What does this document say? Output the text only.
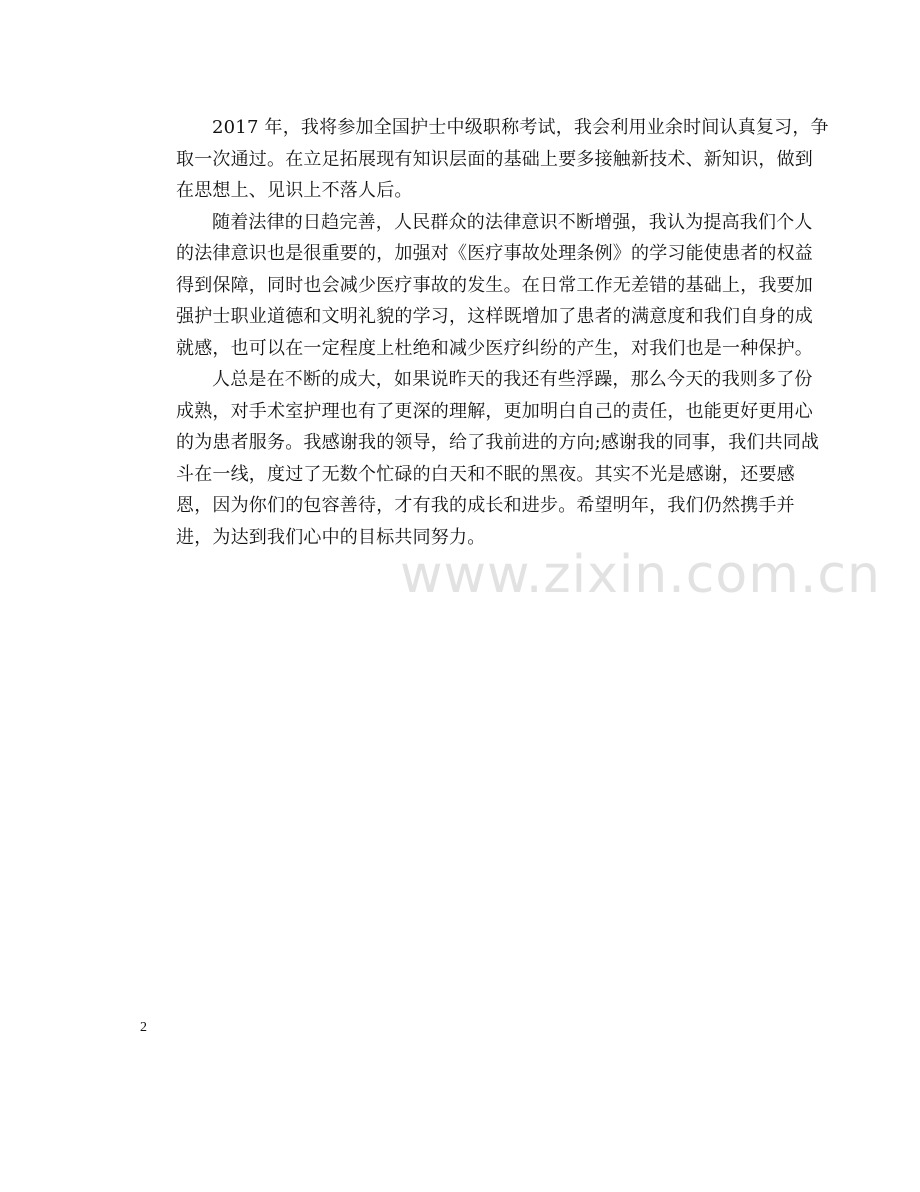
2017 年，我将参加全国护士中级职称考试，我会利用业余时间认真复习，争
取一次通过。在立足拓展现有知识层面的基础上要多接触新技术、新知识，做到
在思想上、见识上不落人后。

随着法律的日趋完善，人民群众的法律意识不断增强，我认为提高我们个人
的法律意识也是很重要的，加强对《医疗事故处理条例》的学习能使患者的权益
得到保障，同时也会减少医疗事故的发生。在日常工作无差错的基础上，我要加
强护士职业道德和文明礼貌的学习，这样既增加了患者的满意度和我们自身的成
就感，也可以在一定程度上杜绝和减少医疗纠纷的产生，对我们也是一种保护。

人总是在不断的成大，如果说昨天的我还有些浮躁，那么今天的我则多了份
成熟，对手术室护理也有了更深的理解，更加明白自己的责任，也能更好更用心
的为患者服务。我感谢我的领导，给了我前进的方向;感谢我的同事，我们共同战
斗在一线，度过了无数个忙碌的白天和不眠的黑夜。其实不光是感谢，还要感
恩，因为你们的包容善待，才有我的成长和进步。希望明年，我们仍然携手并
进，为达到我们心中的目标共同努力。

www.zixin.com.cn
2
